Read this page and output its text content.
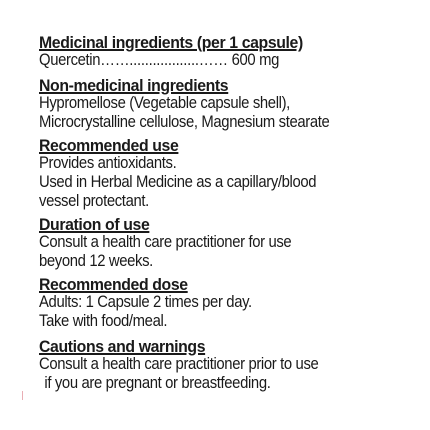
Medicinal ingredients (per 1 capsule)
Quercetin……..................…… 600 mg
Non-medicinal ingredients
Hypromellose (Vegetable capsule shell),
Microcrystalline cellulose, Magnesium stearate
Recommended use
Provides antioxidants.
Used in Herbal Medicine as a capillary/blood
vessel protectant.
Duration of use
Consult a health care practitioner for use
beyond 12 weeks.
Recommended dose
Adults: 1 Capsule 2 times per day.
Take with food/meal.
Cautions and warnings
Consult a health care practitioner prior to use
if you are pregnant or breastfeeding.
